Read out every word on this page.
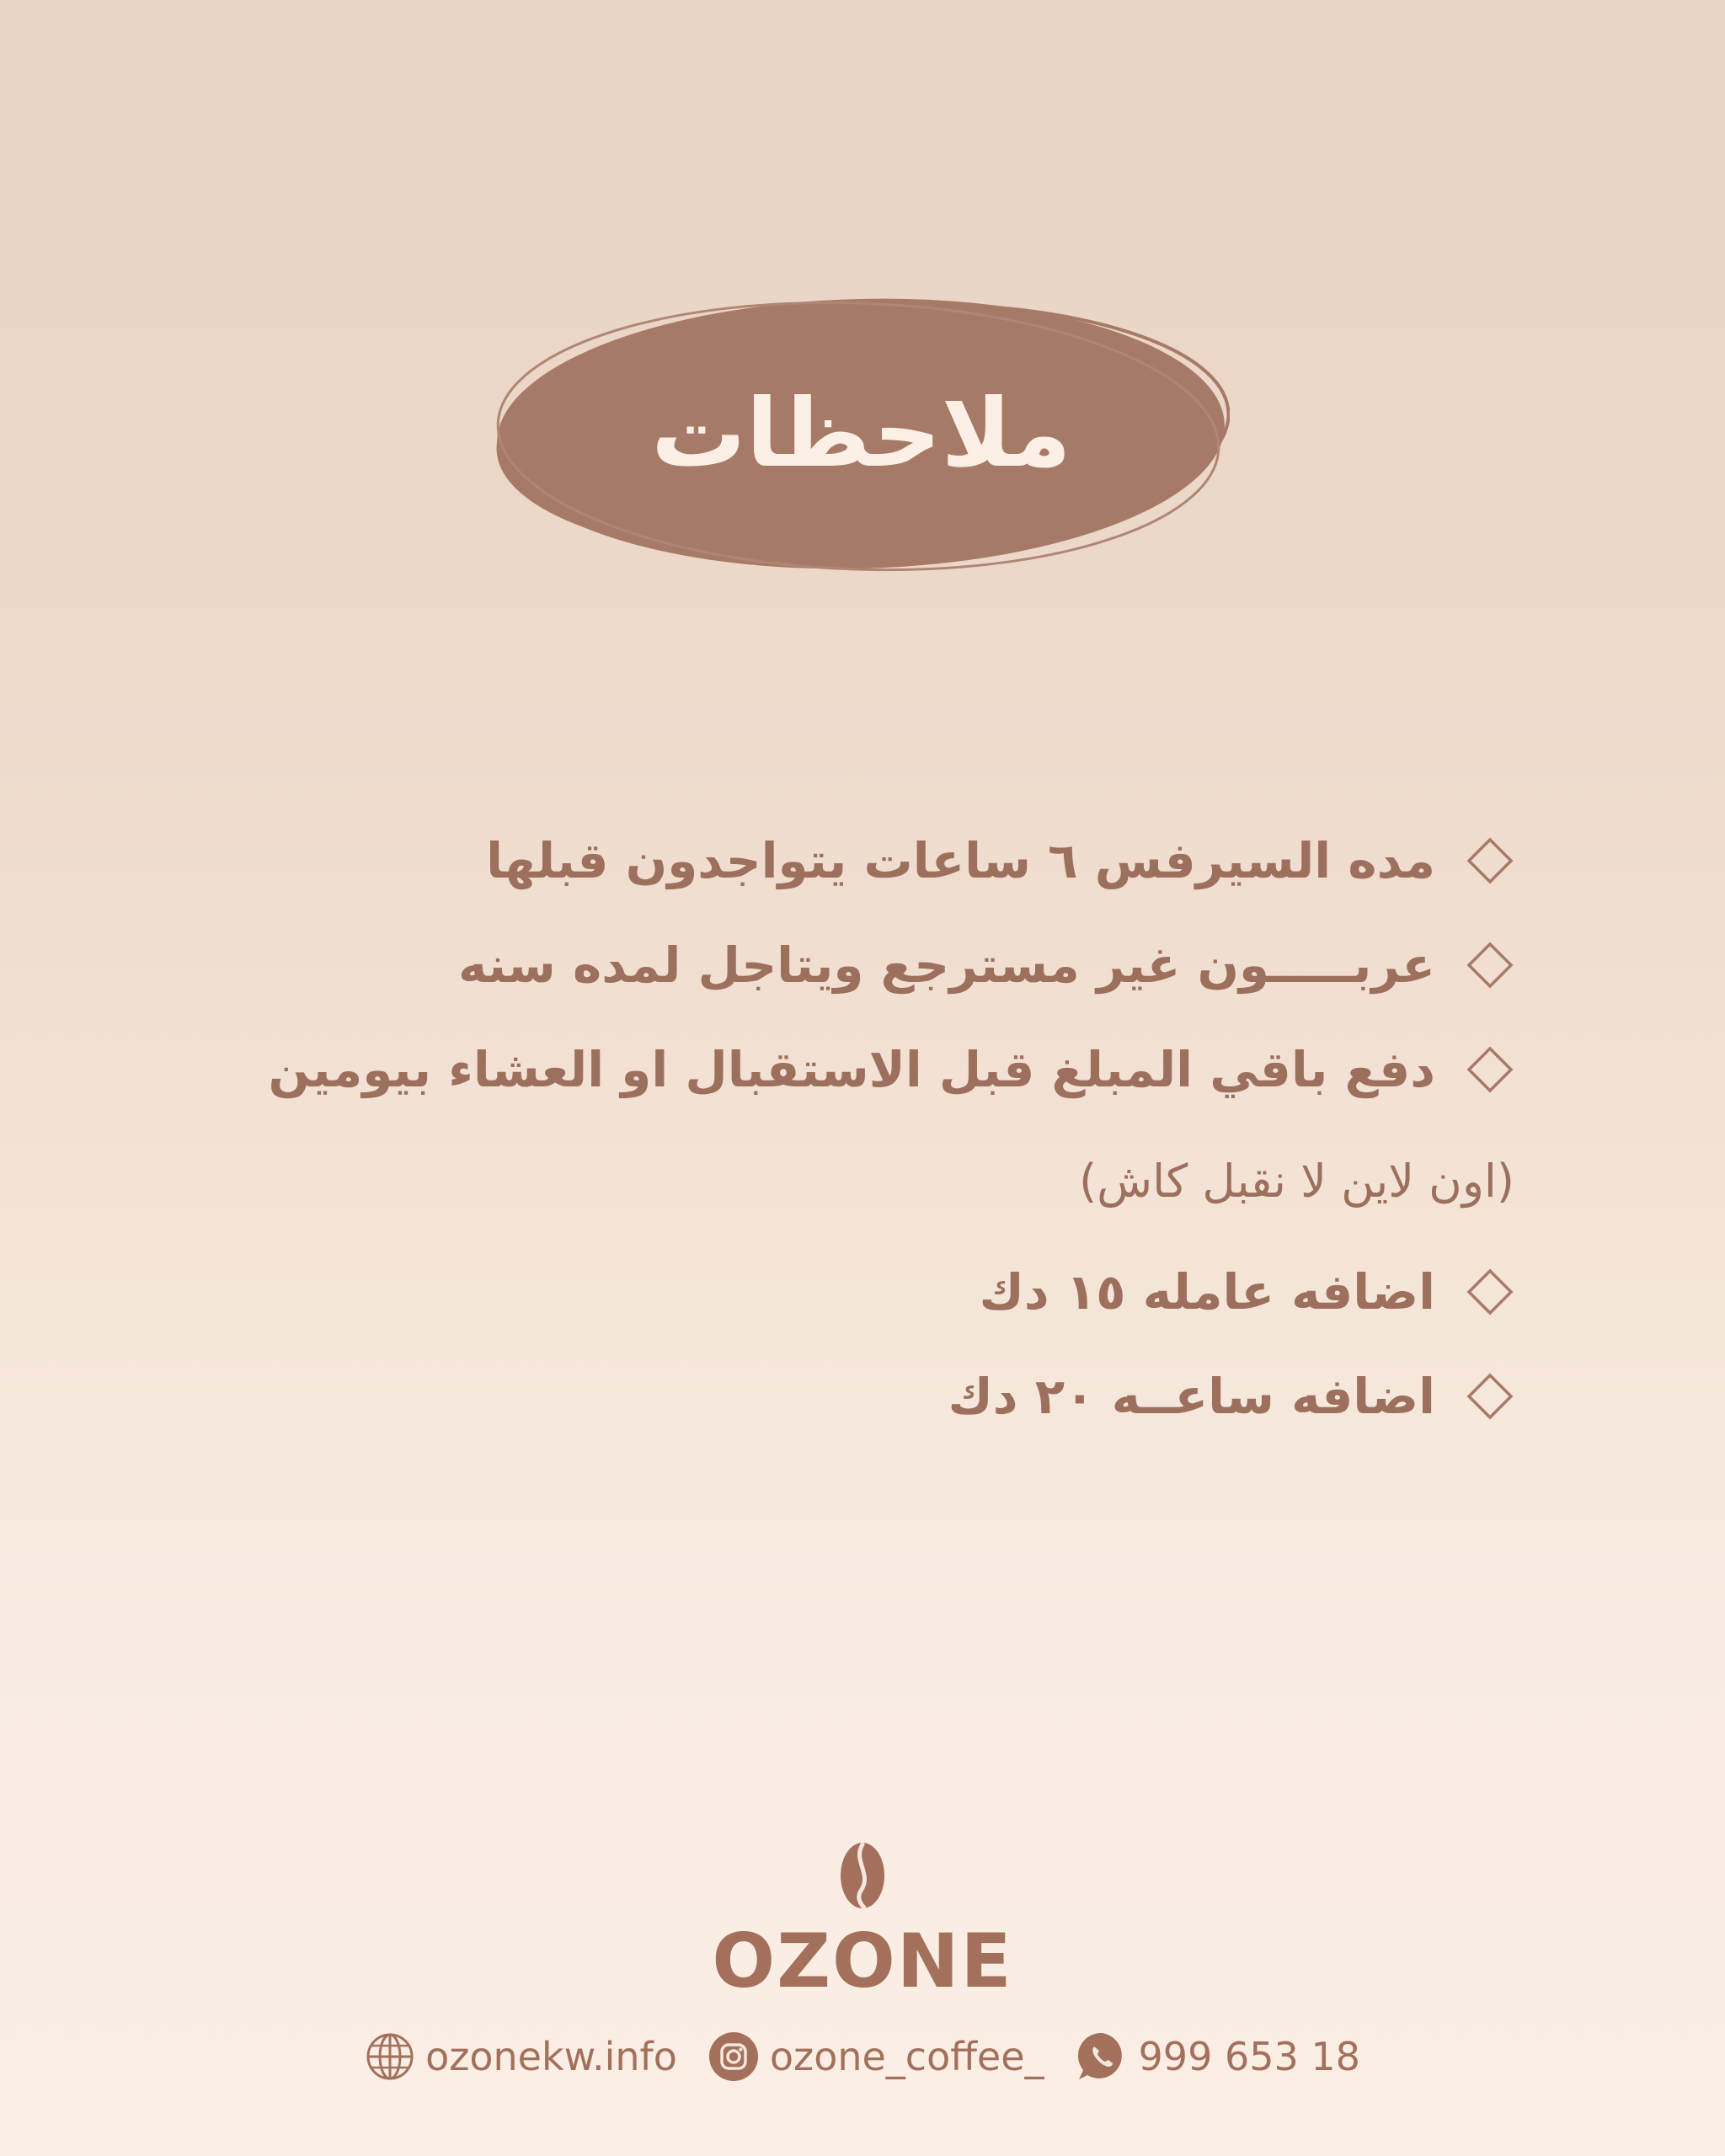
ملاحظات
مده السيرفس ٦ ساعات يتواجدون قبلها
عربـــــون غير مسترجع ويتاجل لمده سنه
دفع باقي المبلغ قبل الاستقبال او العشاء بيومين
(اون لاين لا نقبل كاش)
اضافه عامله ١٥ دك
اضافه ساعــه ٢٠ دك
OZONE
ozonekw.info ozone_coffee_ 999 653 18
